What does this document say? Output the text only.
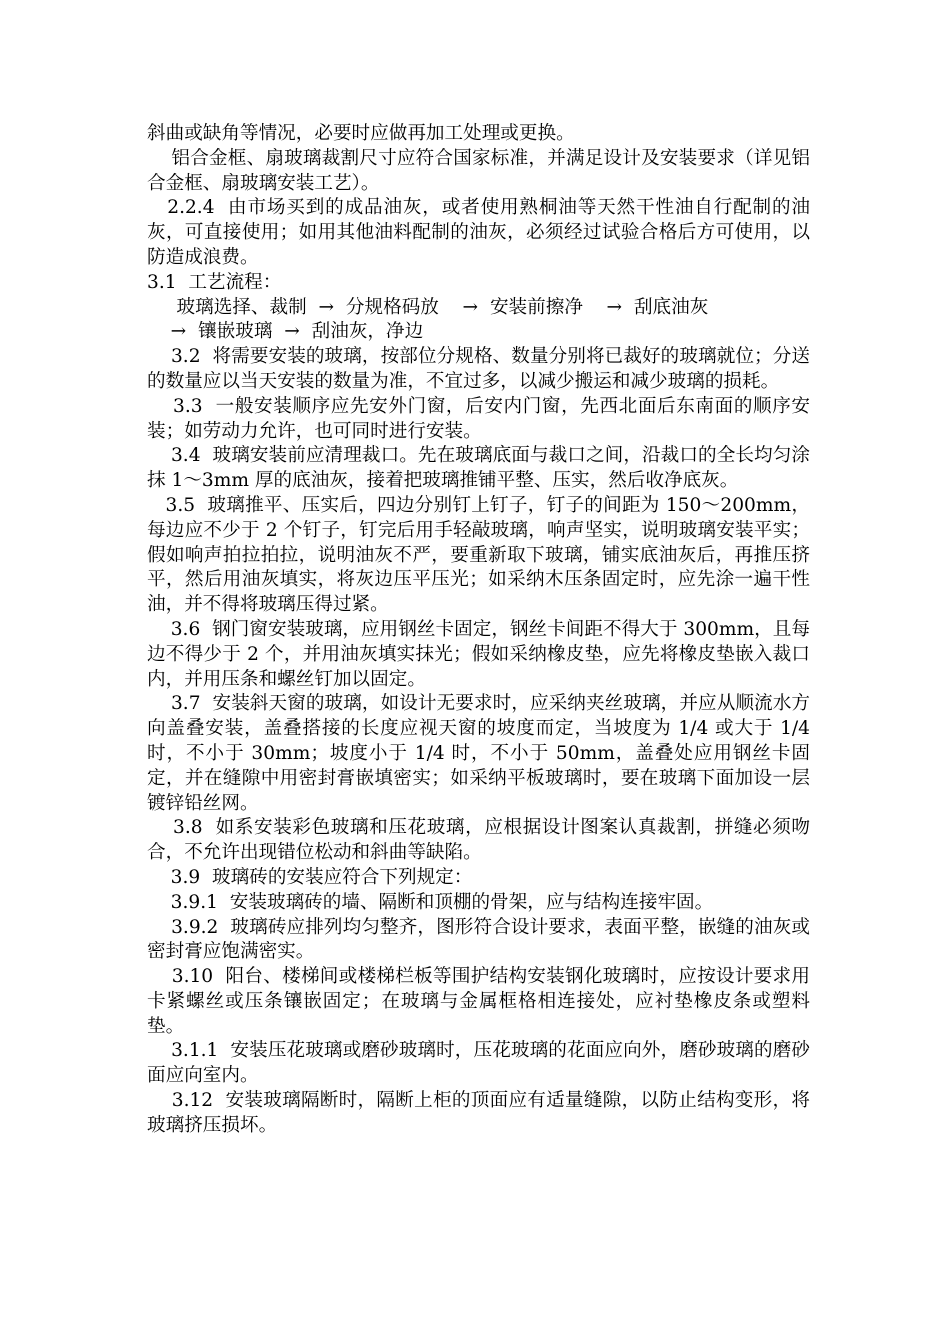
斜曲或缺角等情况，必要时应做再加工处理或更换。

铝合金框、扇玻璃裁割尺寸应符合国家标准，并满足设计及安装要求（详见铝合金框、扇玻璃安装工艺）。

2.2.4  由市场买到的成品油灰，或者使用熟桐油等天然干性油自行配制的油灰，可直接使用；如用其他油料配制的油灰，必须经过试验合格后方可使用，以防造成浪费。

3.1  工艺流程：

玻璃选择、裁制  →  分规格码放    →  安装前擦净    →  刮底油灰

→  镶嵌玻璃  →  刮油灰，净边

3.2  将需要安装的玻璃，按部位分规格、数量分别将已裁好的玻璃就位；分送的数量应以当天安装的数量为准，不宜过多，以减少搬运和减少玻璃的损耗。

3.3  一般安装顺序应先安外门窗，后安内门窗，先西北面后东南面的顺序安装；如劳动力允许，也可同时进行安装。

3.4  玻璃安装前应清理裁口。先在玻璃底面与裁口之间，沿裁口的全长均匀涂抹 1～3mm 厚的底油灰，接着把玻璃推铺平整、压实，然后收净底灰。

3.5  玻璃推平、压实后，四边分别钉上钉子，钉子的间距为 150～200mm，每边应不少于 2 个钉子，钉完后用手轻敲玻璃，响声坚实，说明玻璃安装平实；假如响声拍拉拍拉，说明油灰不严，要重新取下玻璃，铺实底油灰后，再推压挤平，然后用油灰填实，将灰边压平压光；如采纳木压条固定时，应先涂一遍干性油，并不得将玻璃压得过紧。

3.6  钢门窗安装玻璃，应用钢丝卡固定，钢丝卡间距不得大于 300mm，且每边不得少于 2 个，并用油灰填实抹光；假如采纳橡皮垫，应先将橡皮垫嵌入裁口内，并用压条和螺丝钉加以固定。

3.7  安装斜天窗的玻璃，如设计无要求时，应采纳夹丝玻璃，并应从顺流水方向盖叠安装，盖叠搭接的长度应视天窗的坡度而定，当坡度为 1/4 或大于 1/4 时，不小于 30mm；坡度小于 1/4 时，不小于 50mm，盖叠处应用钢丝卡固定，并在缝隙中用密封膏嵌填密实；如采纳平板玻璃时，要在玻璃下面加设一层镀锌铅丝网。

3.8  如系安装彩色玻璃和压花玻璃，应根据设计图案认真裁割，拼缝必须吻合，不允许出现错位松动和斜曲等缺陷。

3.9  玻璃砖的安装应符合下列规定：

3.9.1  安装玻璃砖的墙、隔断和顶棚的骨架，应与结构连接牢固。

3.9.2  玻璃砖应排列均匀整齐，图形符合设计要求，表面平整，嵌缝的油灰或密封膏应饱满密实。

3.10  阳台、楼梯间或楼梯栏板等围护结构安装钢化玻璃时，应按设计要求用卡紧螺丝或压条镶嵌固定；在玻璃与金属框格相连接处，应衬垫橡皮条或塑料垫。

3.1.1  安装压花玻璃或磨砂玻璃时，压花玻璃的花面应向外，磨砂玻璃的磨砂面应向室内。

3.12  安装玻璃隔断时，隔断上柜的顶面应有适量缝隙，以防止结构变形，将玻璃挤压损坏。
